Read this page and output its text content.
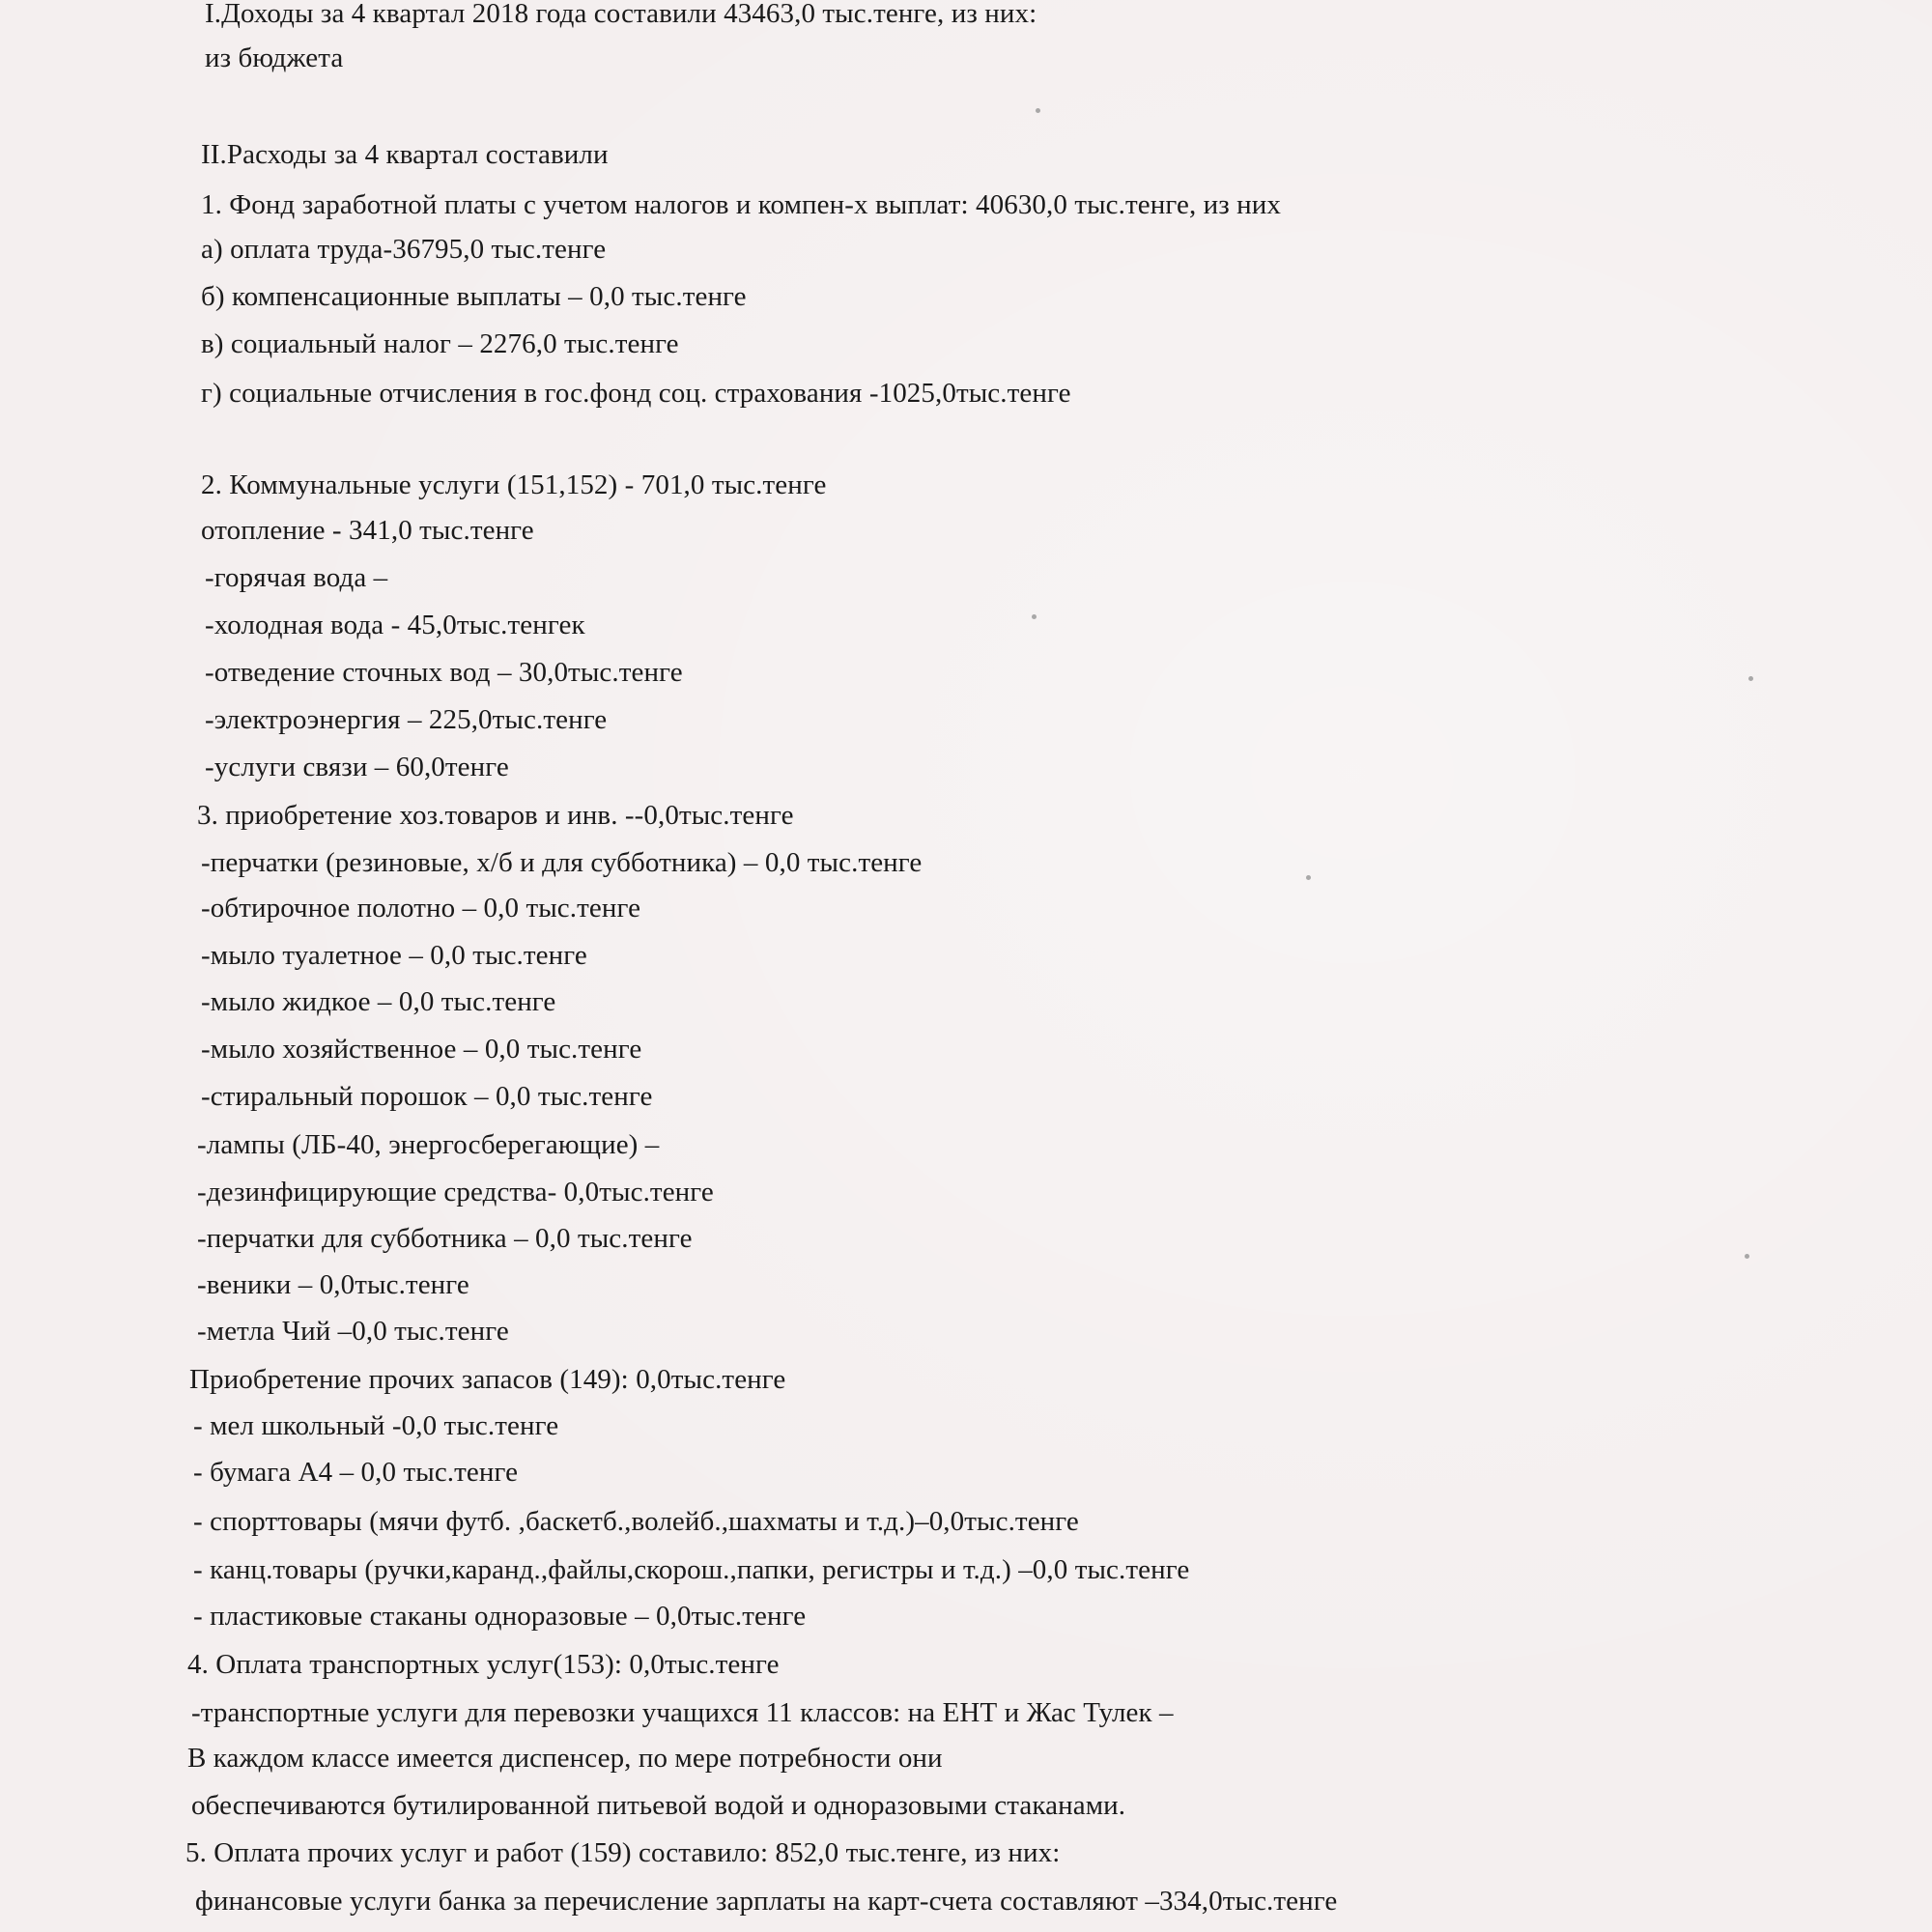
I.Доходы за 4 квартал 2018 года составили 43463,0 тыс.тенге, из них:
из бюджета
II.Расходы за 4 квартал составили
1. Фонд заработной платы с учетом налогов и компен-х выплат: 40630,0 тыс.тенге, из них
а) оплата труда-36795,0 тыс.тенге
б) компенсационные выплаты – 0,0 тыс.тенге
в) социальный налог – 2276,0 тыс.тенге
г) социальные отчисления в гос.фонд соц. страхования -1025,0тыс.тенге
2. Коммунальные услуги (151,152) - 701,0 тыс.тенге
отопление - 341,0 тыс.тенге
-горячая вода –
-холодная вода - 45,0тыс.тенгек
-отведение сточных вод – 30,0тыс.тенге
-электроэнергия – 225,0тыс.тенге
-услуги связи – 60,0тенге
3. приобретение хоз.товаров и инв. --0,0тыс.тенге
-перчатки (резиновые, х/б и для субботника) – 0,0 тыс.тенге
-обтирочное полотно – 0,0 тыс.тенге
-мыло туалетное – 0,0 тыс.тенге
-мыло жидкое – 0,0 тыс.тенге
-мыло хозяйственное – 0,0 тыс.тенге
-стиральный порошок – 0,0 тыс.тенге
-лампы (ЛБ-40, энергосберегающие) –
-дезинфицирующие средства- 0,0тыс.тенге
-перчатки для субботника – 0,0 тыс.тенге
-веники – 0,0тыс.тенге
-метла Чий –0,0 тыс.тенге
Приобретение прочих запасов (149): 0,0тыс.тенге
- мел школьный -0,0 тыс.тенге
- бумага А4 – 0,0 тыс.тенге
- спорттовары (мячи футб. ,баскетб.,волейб.,шахматы и т.д.)–0,0тыс.тенге
- канц.товары (ручки,каранд.,файлы,скорош.,папки, регистры и т.д.) –0,0 тыс.тенге
- пластиковые стаканы одноразовые – 0,0тыс.тенге
4. Оплата транспортных услуг(153): 0,0тыс.тенге
-транспортные услуги для перевозки учащихся 11 классов: на ЕНТ и Жас Тулек –
В каждом классе имеется диспенсер, по мере потребности они
обеспечиваются бутилированной питьевой водой и одноразовыми стаканами.
5. Оплата прочих услуг и работ (159) составило: 852,0 тыс.тенге, из них:
финансовые услуги банка за перечисление зарплаты на карт-счета составляют –334,0тыс.тенге
